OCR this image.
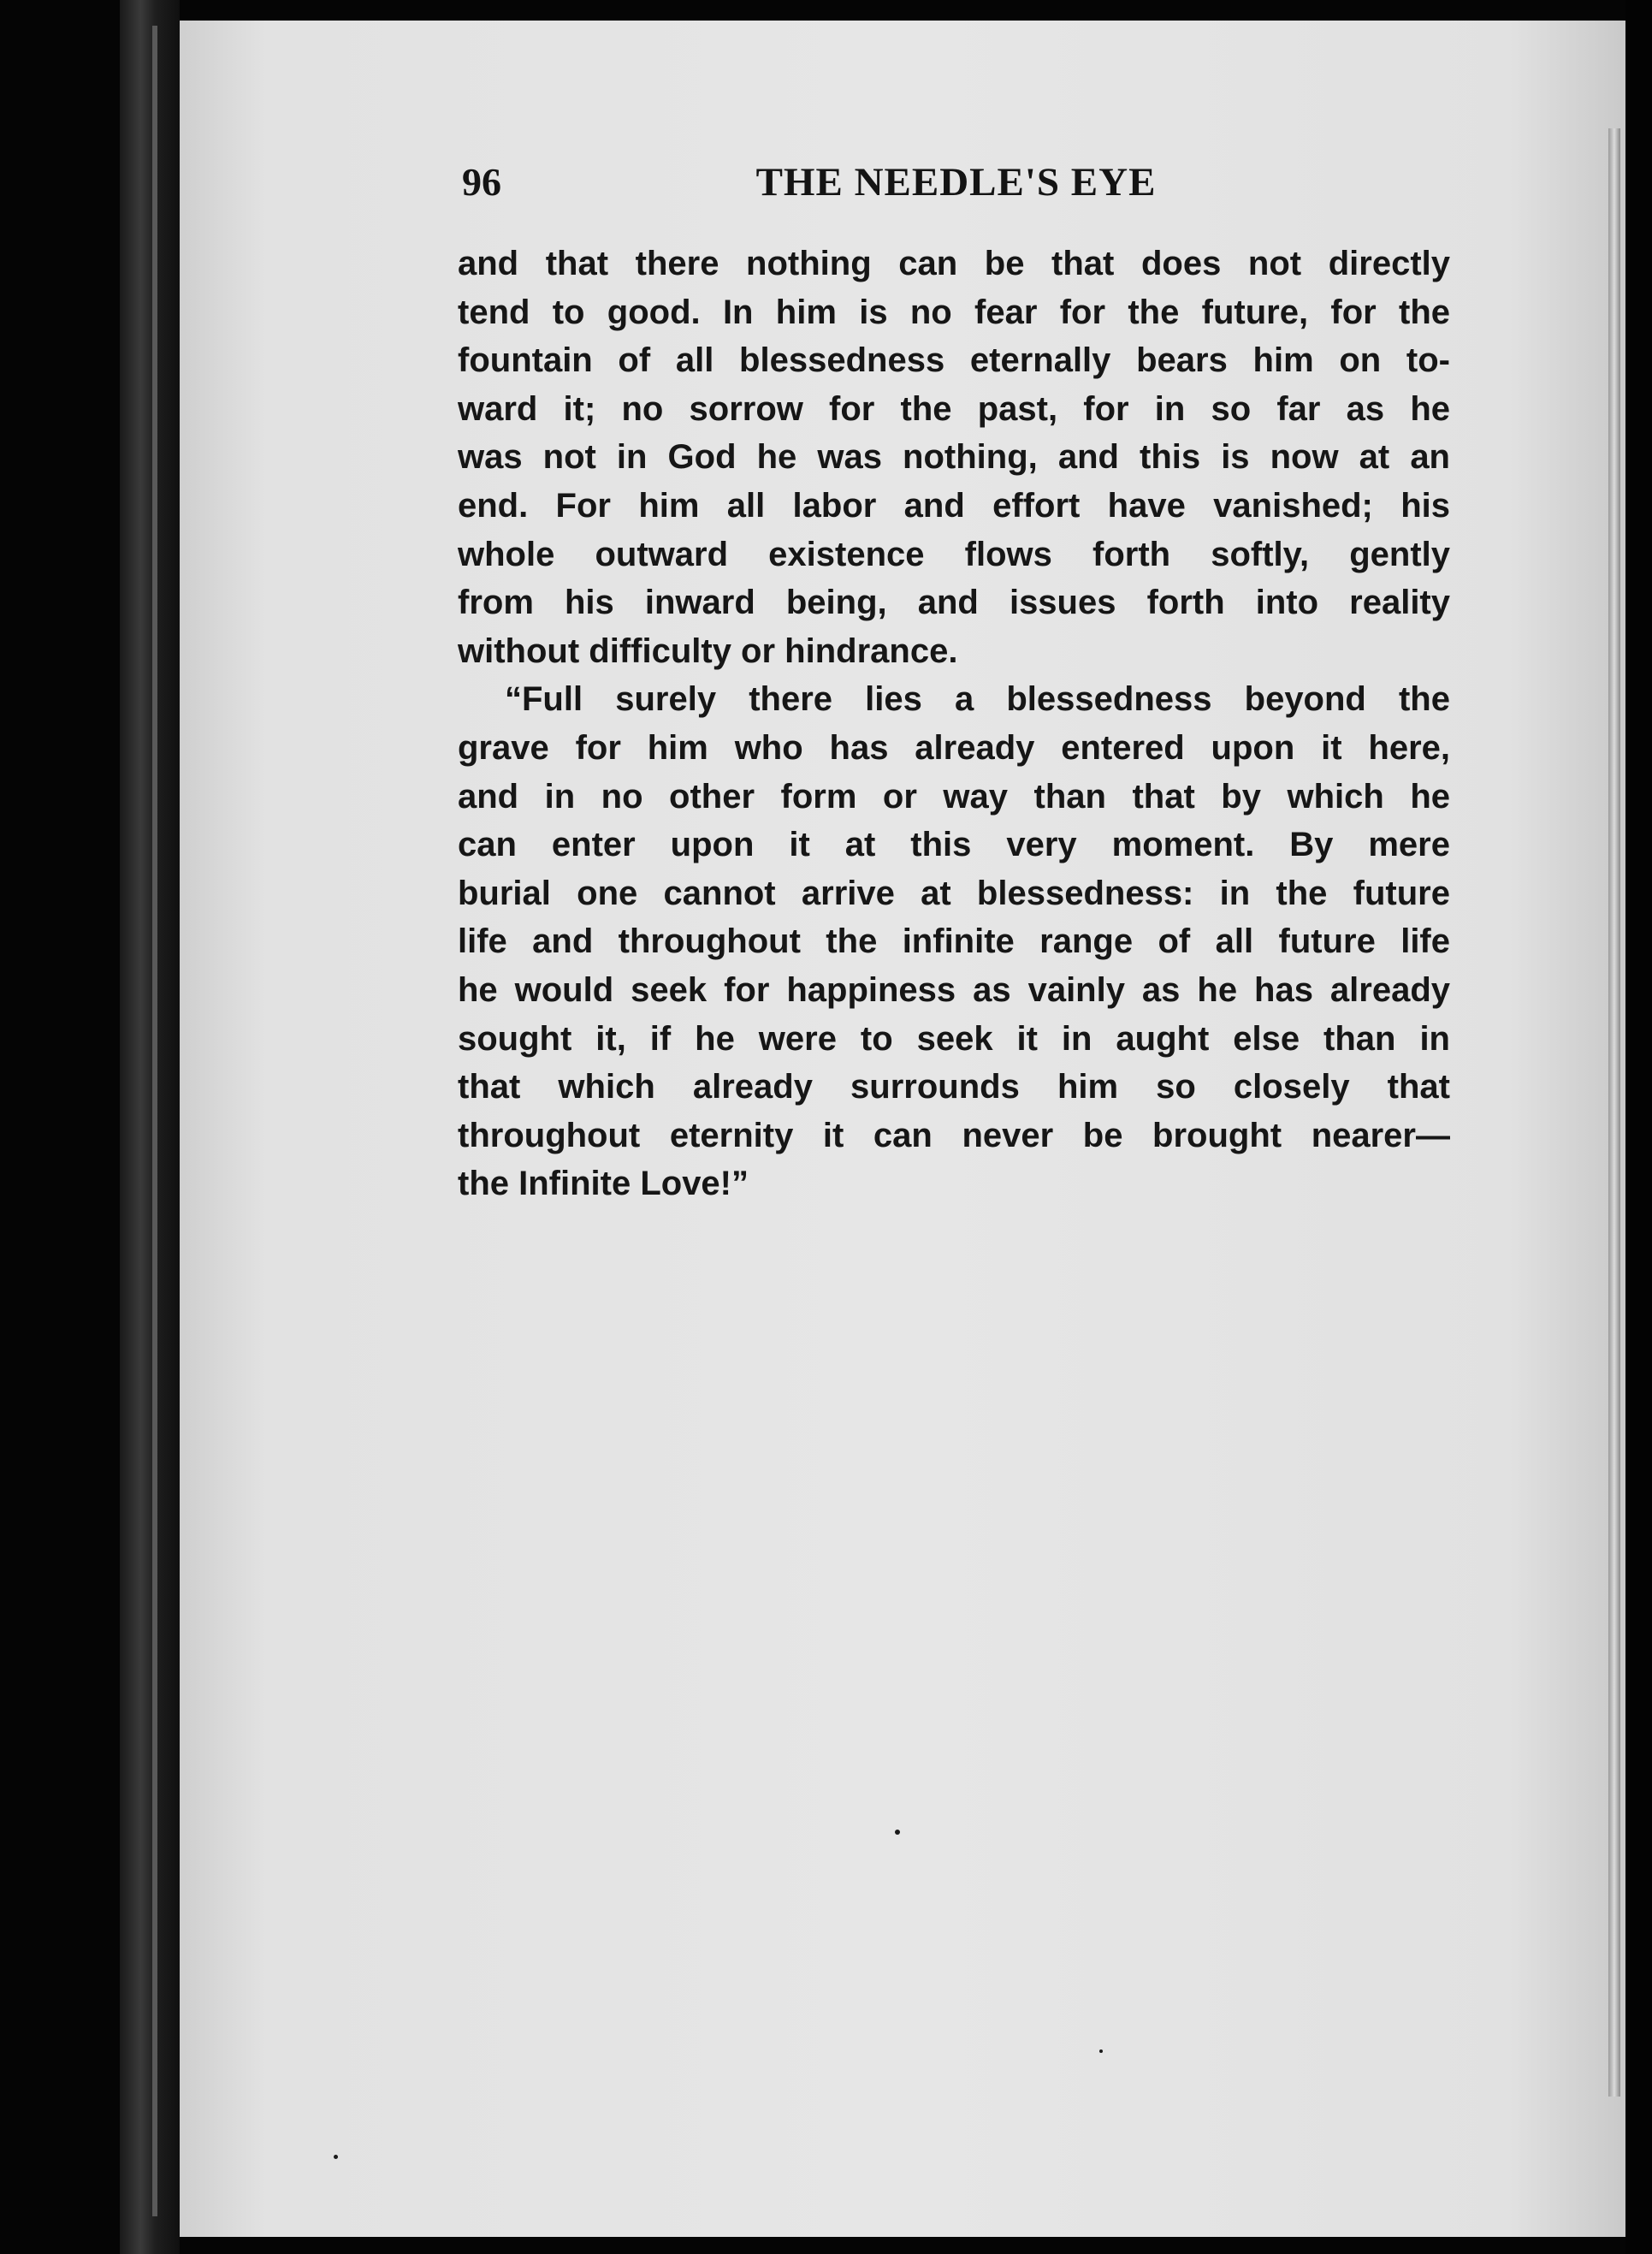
96	THE NEEDLE'S EYE

and that there nothing can be that does not directly

tend to good. In him is no fear for the future, for the

fountain of all blessedness eternally bears him on to-

ward it; no sorrow for the past, for in so far as he

was not in God he was nothing, and this is now at an

end. For him all labor and effort have vanished; his

whole outward existence flows forth softly, gently

from his inward being, and issues forth into reality

without difficulty or hindrance.

“Full surely there lies a blessedness beyond the

grave for him who has already entered upon it here,

and in no other form or way than that by which he

can enter upon it at this very moment. By mere

burial one cannot arrive at blessedness: in the future

life and throughout the infinite range of all future life

he would seek for happiness as vainly as he has already

sought it, if he were to seek it in aught else than in

that which already surrounds him so closely that

throughout eternity it can never be brought nearer—

the Infinite Love!”
